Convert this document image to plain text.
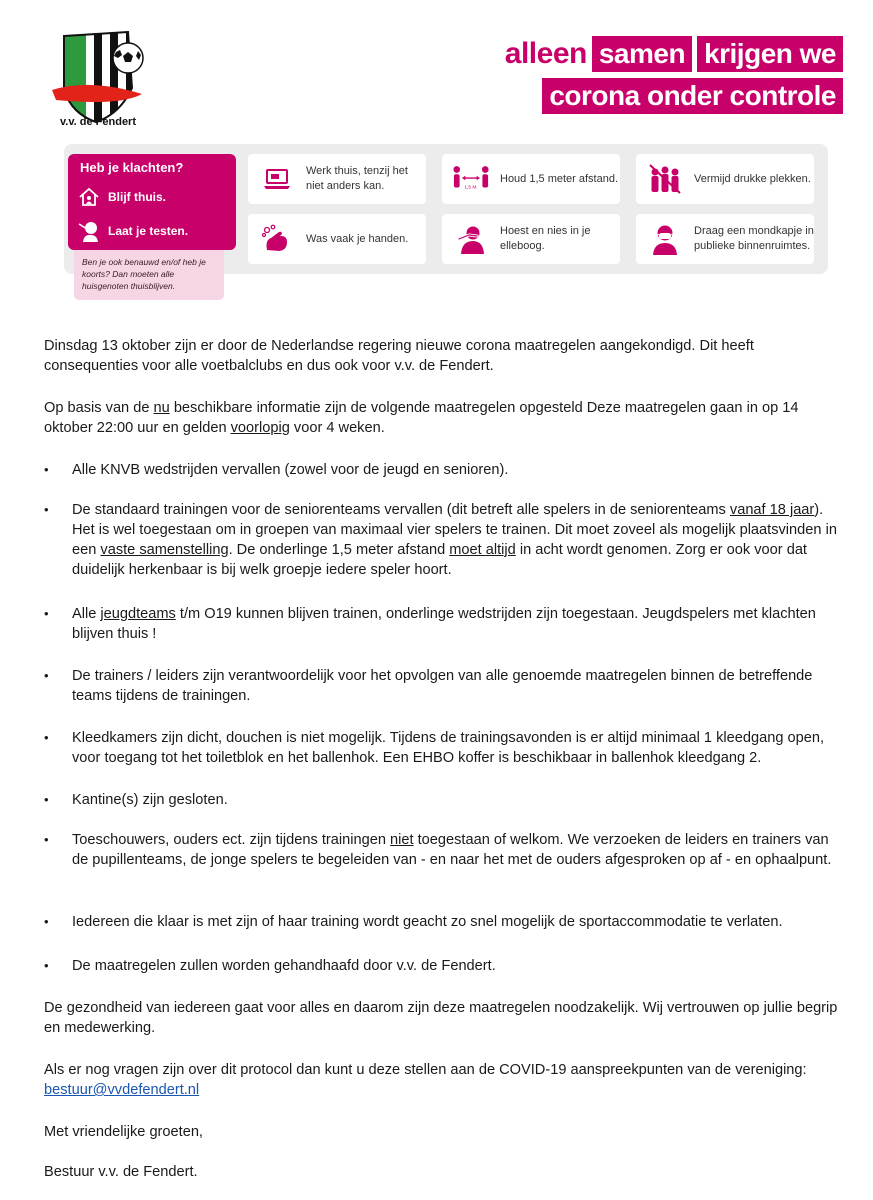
v.v. de Fendert
alleen samen krijgen we
corona onder controle
Heb je klachten?
Blijf thuis.
Laat je testen.
Ben je ook benauwd en/of heb je koorts? Dan moeten alle huisgenoten thuisblijven.
Werk thuis, tenzij het niet anders kan.	1,5 M.
Houd 1,5 meter afstand.	Vermijd drukke plekken.
Was vaak je handen.
Hoest en nies in je elleboog.
Draag een mondkapje in publieke binnenruimtes.

Dinsdag 13 oktober zijn er door de Nederlandse regering nieuwe corona maatregelen aangekondigd. Dit heeft consequenties voor alle voetbalclubs en dus ook voor v.v. de Fendert.

Op basis van de nu beschikbare informatie zijn de volgende maatregelen opgesteld Deze maatregelen gaan in op 14 oktober 22:00 uur en gelden voorlopig voor 4 weken.

• Alle KNVB wedstrijden vervallen (zowel voor de jeugd en senioren).
• De standaard trainingen voor de seniorenteams vervallen (dit betreft alle spelers in de seniorenteams vanaf 18 jaar). Het is wel toegestaan om in groepen van maximaal vier spelers te trainen. Dit moet zoveel als mogelijk plaatsvinden in een vaste samenstelling. De onderlinge 1,5 meter afstand moet altijd in acht wordt genomen. Zorg er ook voor dat duidelijk herkenbaar is bij welk groepje iedere speler hoort.
• Alle jeugdteams t/m O19 kunnen blijven trainen, onderlinge wedstrijden zijn toegestaan. Jeugdspelers met klachten blijven thuis !
• De trainers / leiders zijn verantwoordelijk voor het opvolgen van alle genoemde maatregelen binnen de betreffende teams tijdens de trainingen.
• Kleedkamers zijn dicht, douchen is niet mogelijk. Tijdens de trainingsavonden is er altijd minimaal 1 kleedgang open, voor toegang tot het toiletblok en het ballenhok. Een EHBO koffer is beschikbaar in ballenhok kleedgang 2.
• Kantine(s) zijn gesloten.
• Toeschouwers, ouders ect. zijn tijdens trainingen niet toegestaan of welkom. We verzoeken de leiders en trainers van de pupillenteams, de jonge spelers te begeleiden van - en naar het met de ouders afgesproken op af - en ophaalpunt.
• Iedereen die klaar is met zijn of haar training wordt geacht zo snel mogelijk de sportaccommodatie te verlaten.
• De maatregelen zullen worden gehandhaafd door v.v. de Fendert.

De gezondheid van iedereen gaat voor alles en daarom zijn deze maatregelen noodzakelijk. Wij vertrouwen op jullie begrip en medewerking.

Als er nog vragen zijn over dit protocol dan kunt u deze stellen aan de COVID-19 aanspreekpunten van de vereniging:
bestuur@vvdefendert.nl

Met vriendelijke groeten,

Bestuur v.v. de Fendert.
